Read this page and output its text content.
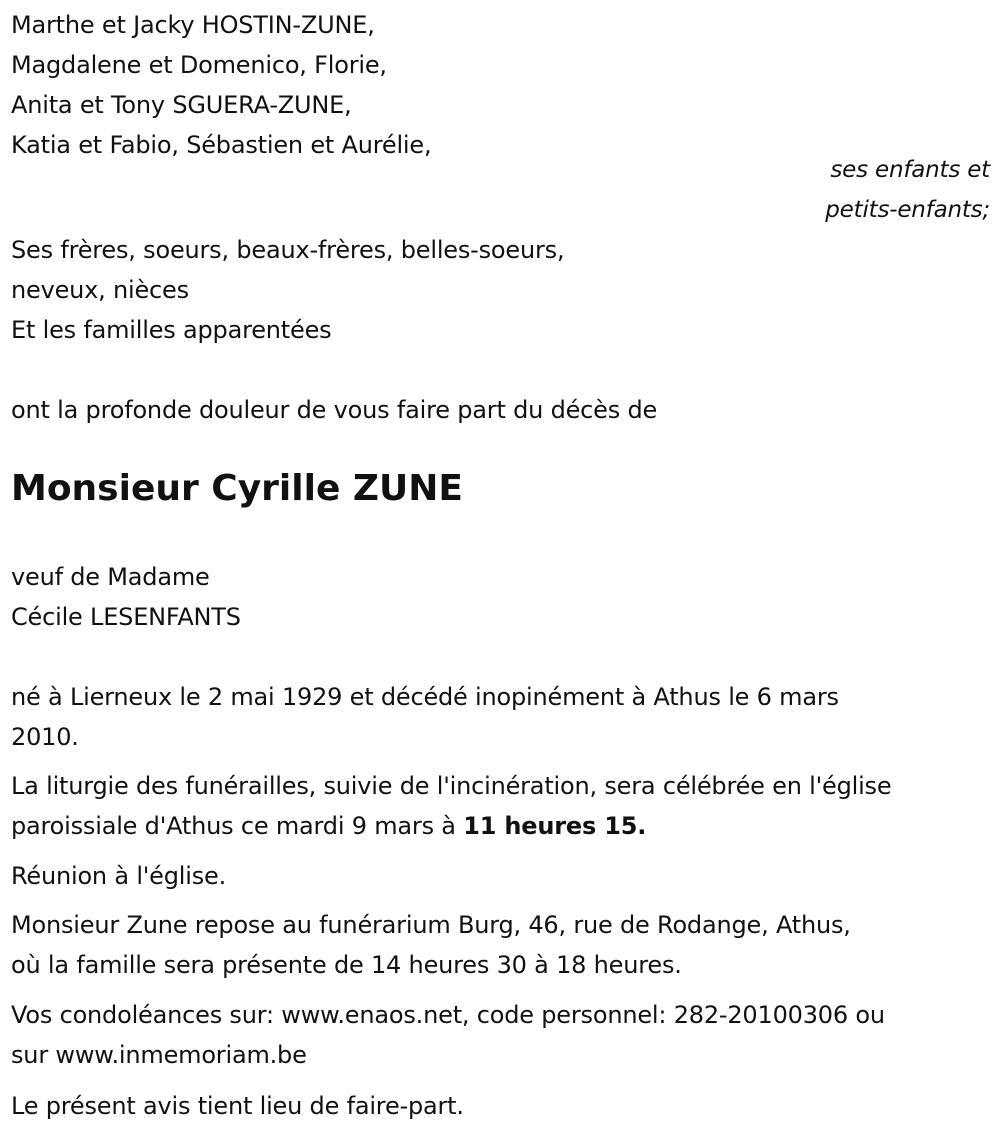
Marthe et Jacky HOSTIN-ZUNE,
Magdalene et Domenico, Florie,
Anita et Tony SGUERA-ZUNE,
Katia et Fabio, Sébastien et Aurélie,
ses enfants et
petits-enfants;
Ses frères, soeurs, beaux-frères, belles-soeurs,
neveux, nièces
Et les familles apparentées
ont la profonde douleur de vous faire part du décès de
Monsieur Cyrille ZUNE
veuf de Madame
Cécile LESENFANTS
né à Lierneux le 2 mai 1929 et décédé inopinément à Athus le 6 mars
2010.
La liturgie des funérailles, suivie de l'incinération, sera célébrée en l'église
paroissiale d'Athus ce mardi 9 mars à 11 heures 15.
Réunion à l'église.
Monsieur Zune repose au funérarium Burg, 46, rue de Rodange, Athus,
où la famille sera présente de 14 heures 30 à 18 heures.
Vos condoléances sur: www.enaos.net, code personnel: 282-20100306 ou
sur www.inmemoriam.be
Le présent avis tient lieu de faire-part.
